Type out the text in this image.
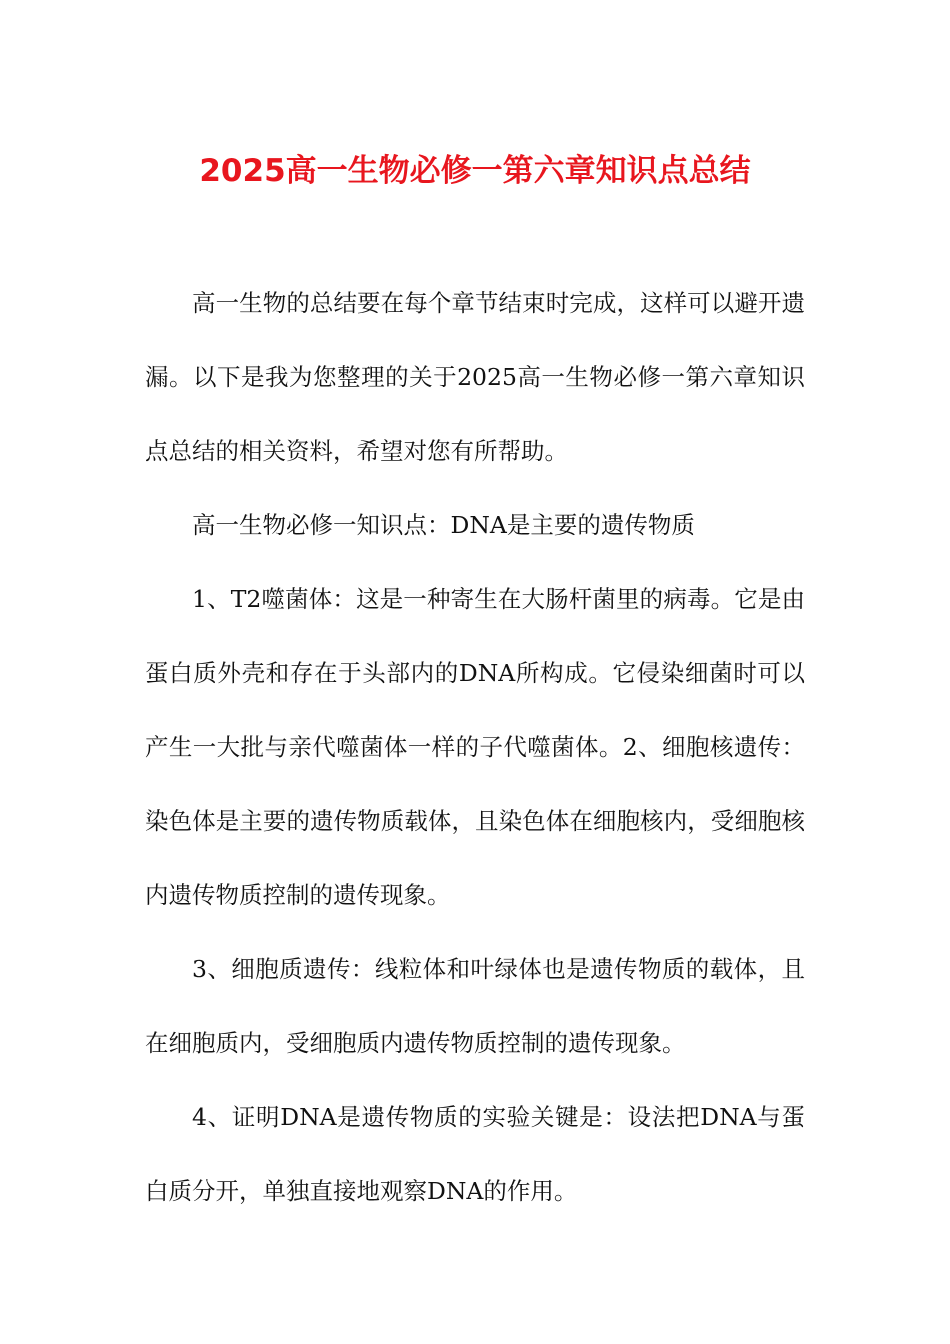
2025高一生物必修一第六章知识点总结

高一生物的总结要在每个章节结束时完成，这样可以避开遗漏。以下是我为您整理的关于2025高一生物必修一第六章知识点总结的相关资料，希望对您有所帮助。

高一生物必修一知识点：DNA是主要的遗传物质

1、T2噬菌体：这是一种寄生在大肠杆菌里的病毒。它是由蛋白质外壳和存在于头部内的DNA所构成。它侵染细菌时可以产生一大批与亲代噬菌体一样的子代噬菌体。2、细胞核遗传：染色体是主要的遗传物质载体，且染色体在细胞核内，受细胞核内遗传物质控制的遗传现象。

3、细胞质遗传：线粒体和叶绿体也是遗传物质的载体，且在细胞质内，受细胞质内遗传物质控制的遗传现象。

4、证明DNA是遗传物质的实验关键是：设法把DNA与蛋白质分开，单独直接地观察DNA的作用。
